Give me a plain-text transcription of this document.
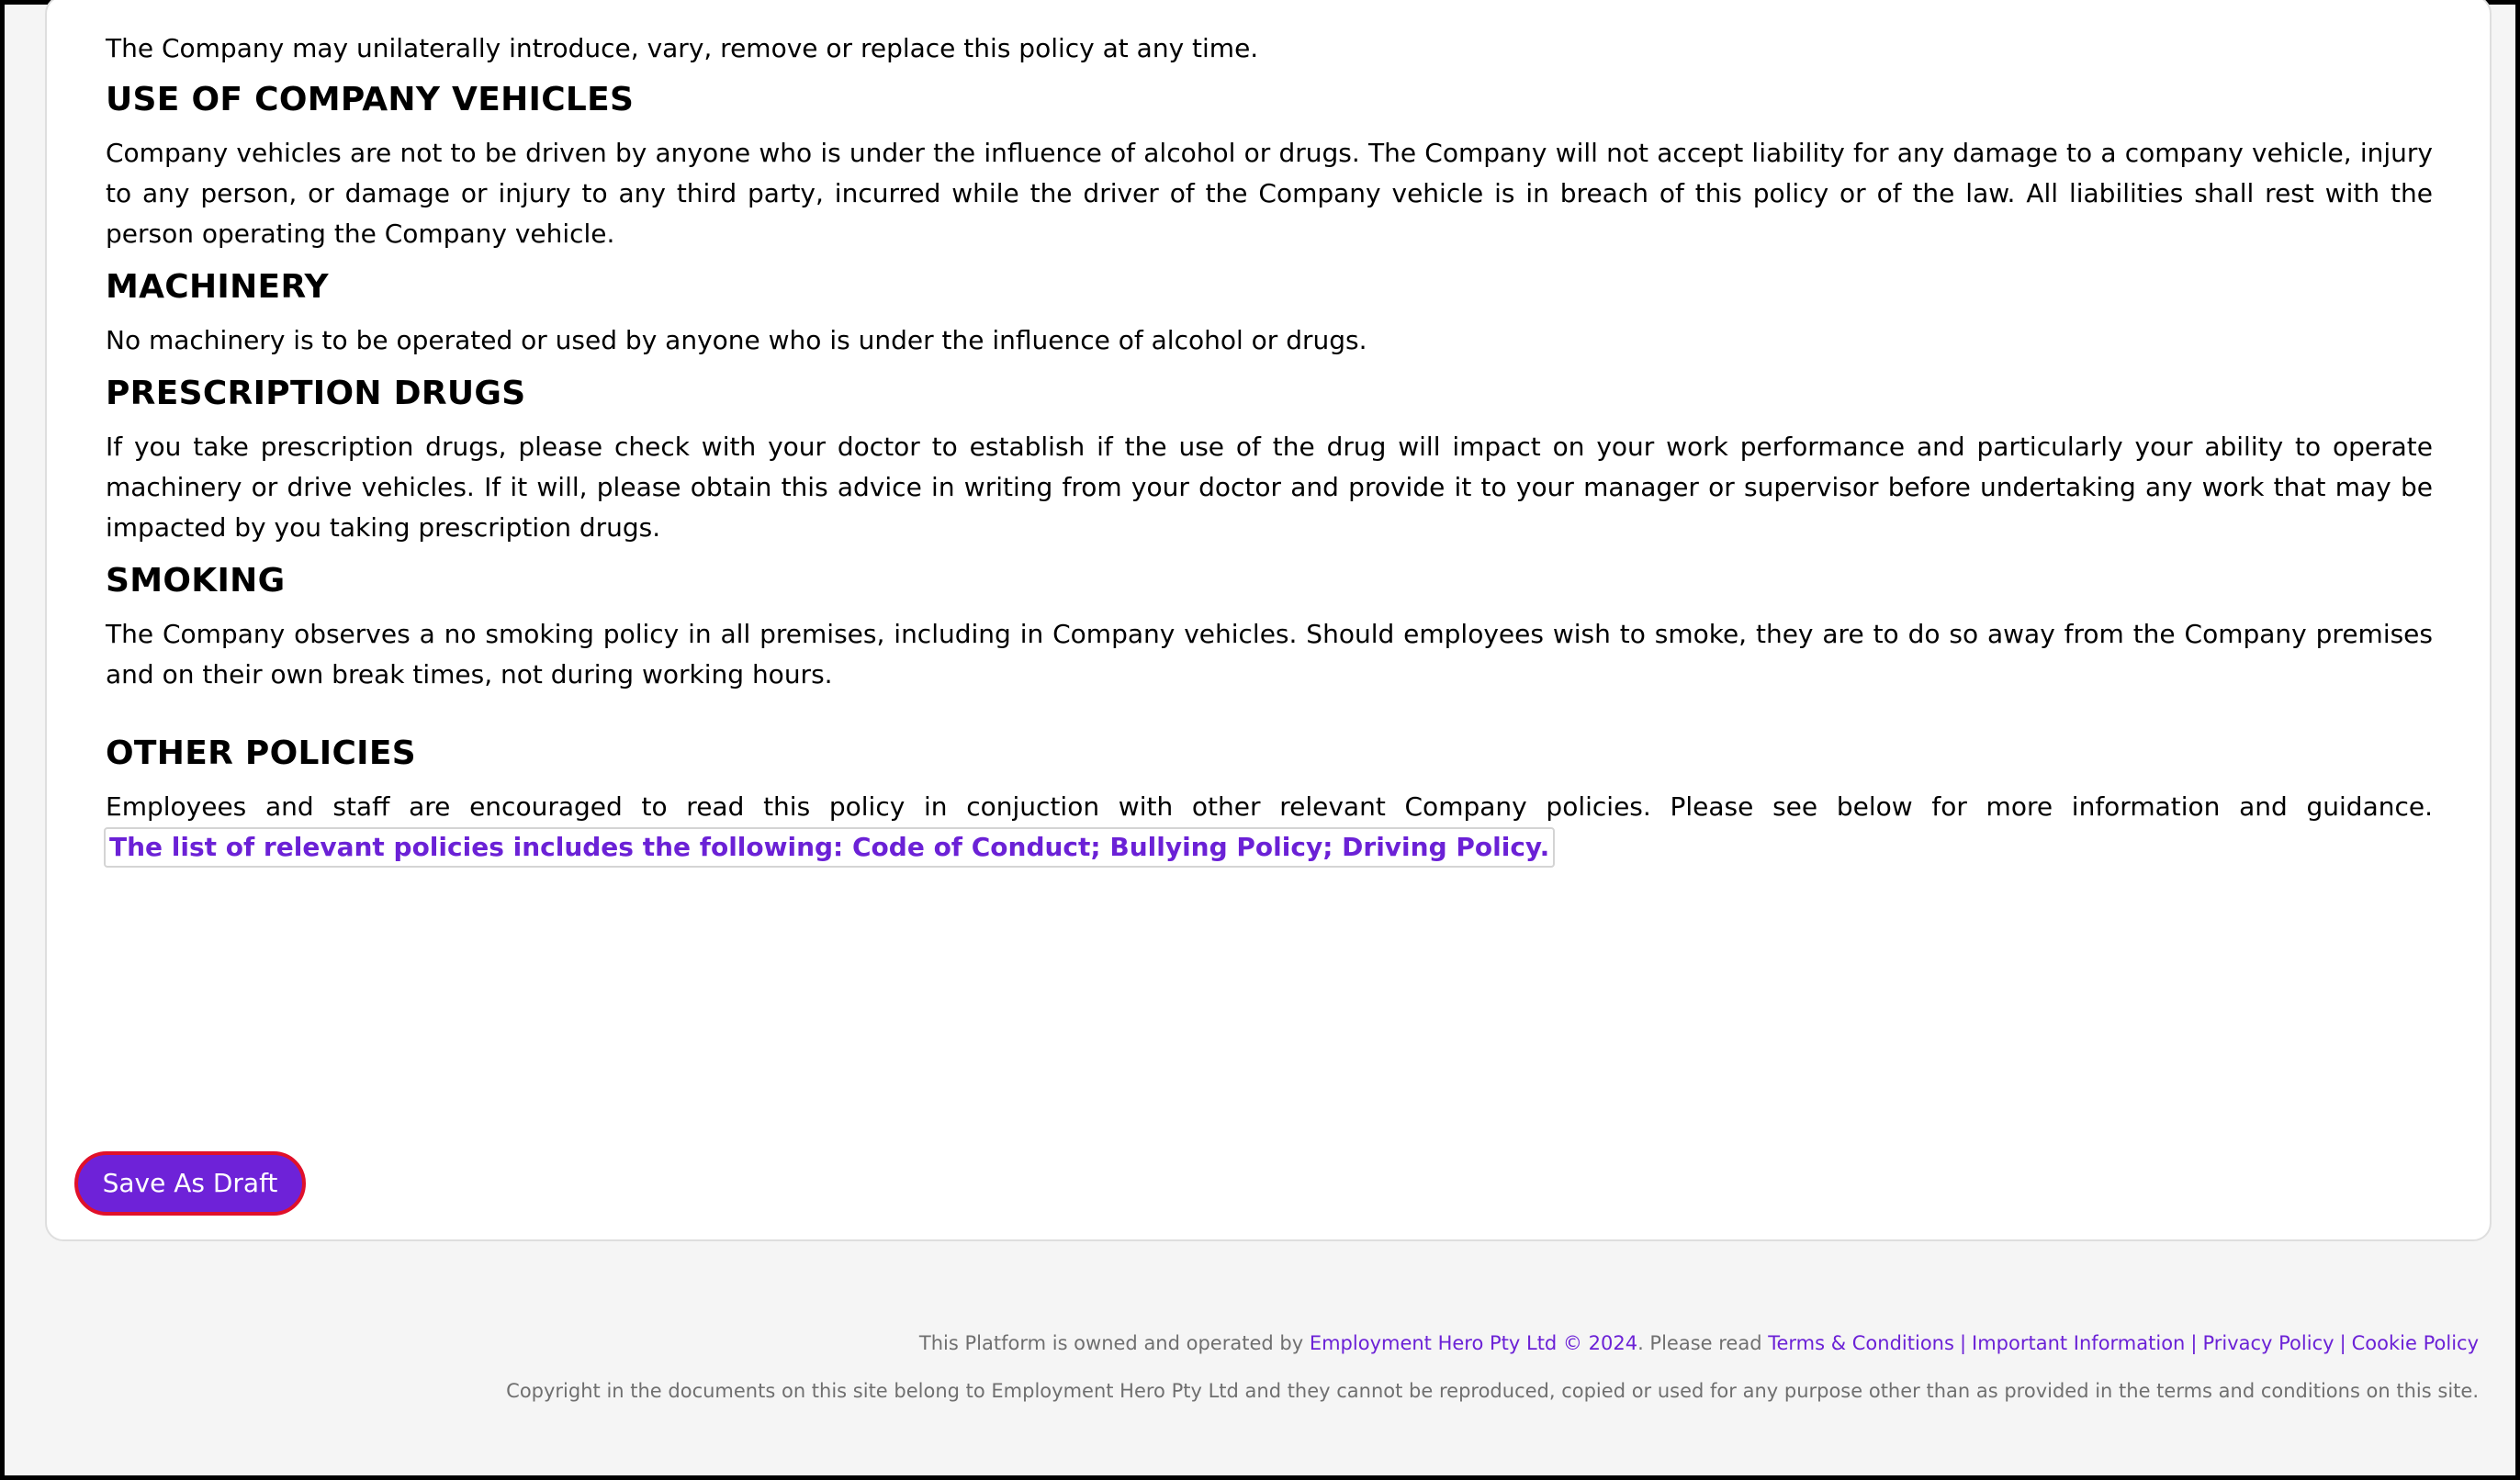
The Company may unilaterally introduce, vary, remove or replace this policy at any time.

USE OF COMPANY VEHICLES

Company vehicles are not to be driven by anyone who is under the influence of alcohol or drugs. The Company will not accept liability for any damage to a company vehicle, injury to any person, or damage or injury to any third party, incurred while the driver of the Company vehicle is in breach of this policy or of the law. All liabilities shall rest with the person operating the Company vehicle.

MACHINERY

No machinery is to be operated or used by anyone who is under the influence of alcohol or drugs.

PRESCRIPTION DRUGS

If you take prescription drugs, please check with your doctor to establish if the use of the drug will impact on your work performance and particularly your ability to operate machinery or drive vehicles. If it will, please obtain this advice in writing from your doctor and provide it to your manager or supervisor before undertaking any work that may be impacted by you taking prescription drugs.

SMOKING

The Company observes a no smoking policy in all premises, including in Company vehicles. Should employees wish to smoke, they are to do so away from the Company premises and on their own break times, not during working hours.

OTHER POLICIES

Employees and staff are encouraged to read this policy in conjuction with other relevant Company policies. Please see below for more information and guidance. The list of relevant policies includes the following: Code of Conduct; Bullying Policy; Driving Policy.

Save As Draft
This Platform is owned and operated by Employment Hero Pty Ltd © 2024. Please read Terms & Conditions | Important Information | Privacy Policy | Cookie Policy
Copyright in the documents on this site belong to Employment Hero Pty Ltd and they cannot be reproduced, copied or used for any purpose other than as provided in the terms and conditions on this site.
